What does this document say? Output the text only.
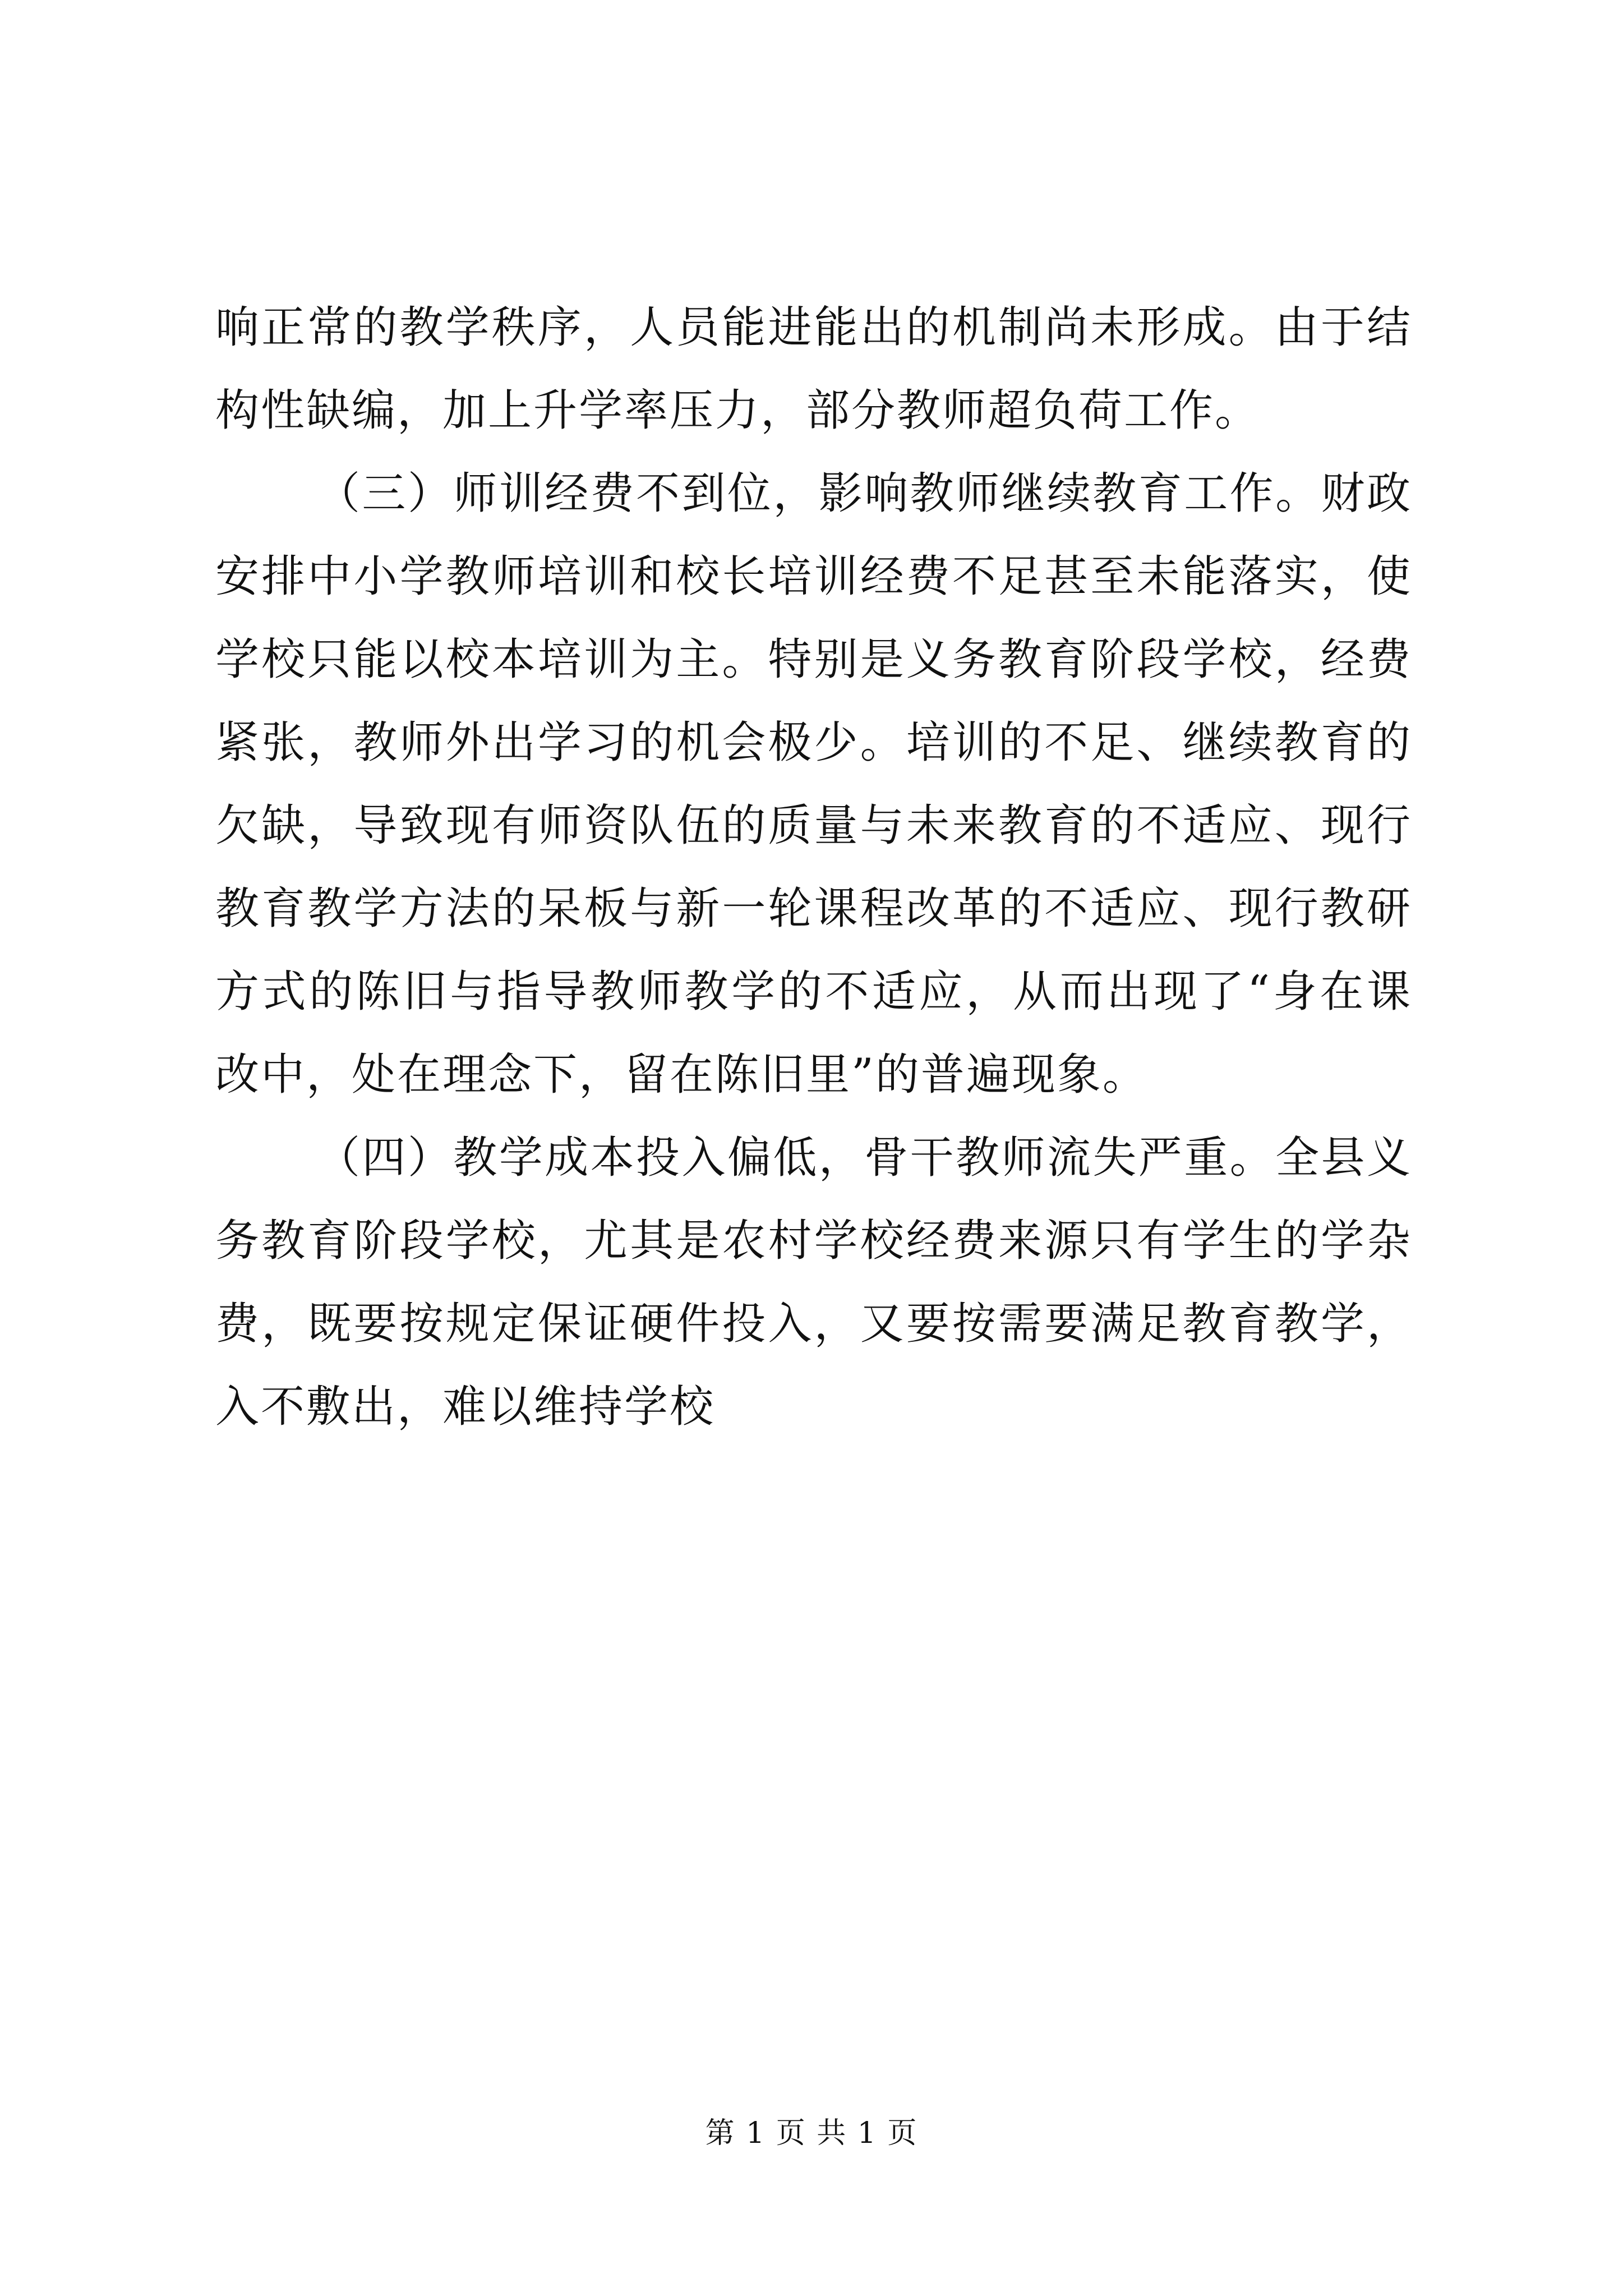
响正常的教学秩序，人员能进能出的机制尚未形成。由于结构性缺编，加上升学率压力，部分教师超负荷工作。

（三）师训经费不到位，影响教师继续教育工作。财政安排中小学教师培训和校长培训经费不足甚至未能落实，使学校只能以校本培训为主。特别是义务教育阶段学校，经费紧张，教师外出学习的机会极少。培训的不足、继续教育的欠缺，导致现有师资队伍的质量与未来教育的不适应、现行教育教学方法的呆板与新一轮课程改革的不适应、现行教研方式的陈旧与指导教师教学的不适应，从而出现了“身在课改中，处在理念下，留在陈旧里”的普遍现象。

（四）教学成本投入偏低，骨干教师流失严重。全县义务教育阶段学校，尤其是农村学校经费来源只有学生的学杂费，既要按规定保证硬件投入，又要按需要满足教育教学，入不敷出，难以维持学校

第 1 页 共 1 页
